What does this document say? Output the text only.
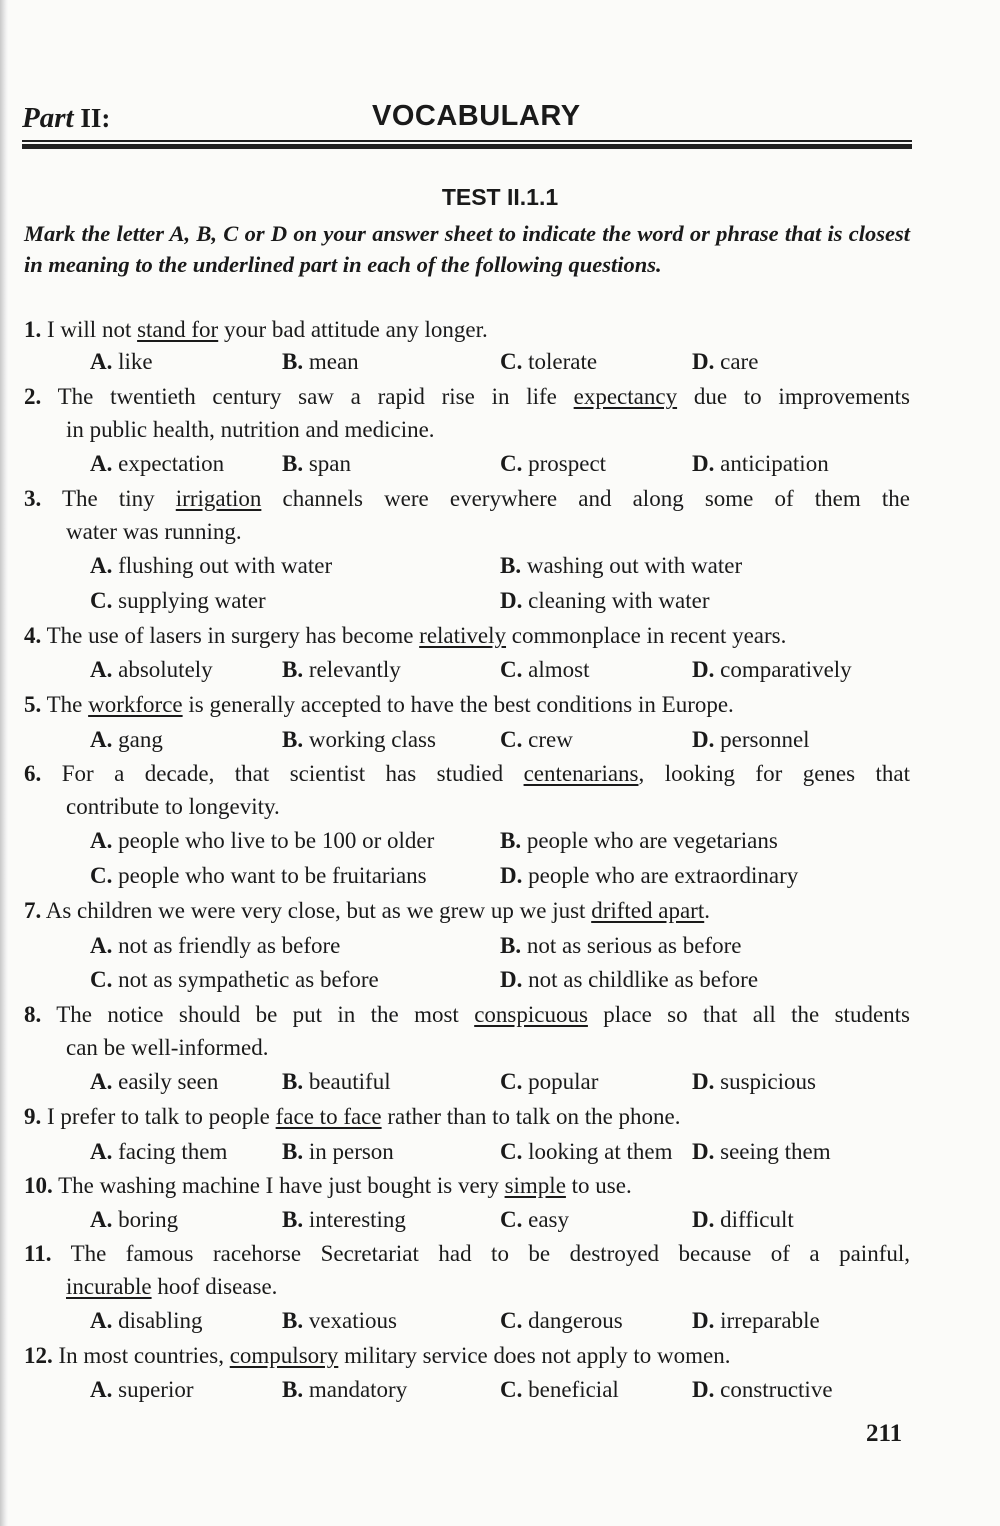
Part II:	VOCABULARY
TEST II.1.1
Mark the letter A, B, C or D on your answer sheet to indicate the word or phrase that is closest in meaning to the underlined part in each of the following questions.
1. I will not stand for your bad attitude any longer.
A. like	B. mean	C. tolerate	D. care
2. The twentieth century saw a rapid rise in life expectancy due to improvements
in public health, nutrition and medicine.
A. expectation	B. span	C. prospect	D. anticipation
3. The tiny irrigation channels were everywhere and along some of them the
water was running.
A. flushing out with water	B. washing out with water
C. supplying water	D. cleaning with water
4. The use of lasers in surgery has become relatively commonplace in recent years.
A. absolutely	B. relevantly	C. almost	D. comparatively
5. The workforce is generally accepted to have the best conditions in Europe.
A. gang	B. working class	C. crew	D. personnel
6. For a decade, that scientist has studied centenarians, looking for genes that
contribute to longevity.
A. people who live to be 100 or older	B. people who are vegetarians
C. people who want to be fruitarians	D. people who are extraordinary
7. As children we were very close, but as we grew up we just drifted apart.
A. not as friendly as before	B. not as serious as before
C. not as sympathetic as before	D. not as childlike as before
8. The notice should be put in the most conspicuous place so that all the students
can be well-informed.
A. easily seen	B. beautiful	C. popular	D. suspicious
9. I prefer to talk to people face to face rather than to talk on the phone.
A. facing them B. in person	C. looking at them D. seeing them
10. The washing machine I have just bought is very simple to use.
A. boring	B. interesting	C. easy	D. difficult
11. The famous racehorse Secretariat had to be destroyed because of a painful,
incurable hoof disease.
A. disabling	B. vexatious	C. dangerous	D. irreparable
12. In most countries, compulsory military service does not apply to women.
A. superior	B. mandatory	C. beneficial	D. constructive
211
